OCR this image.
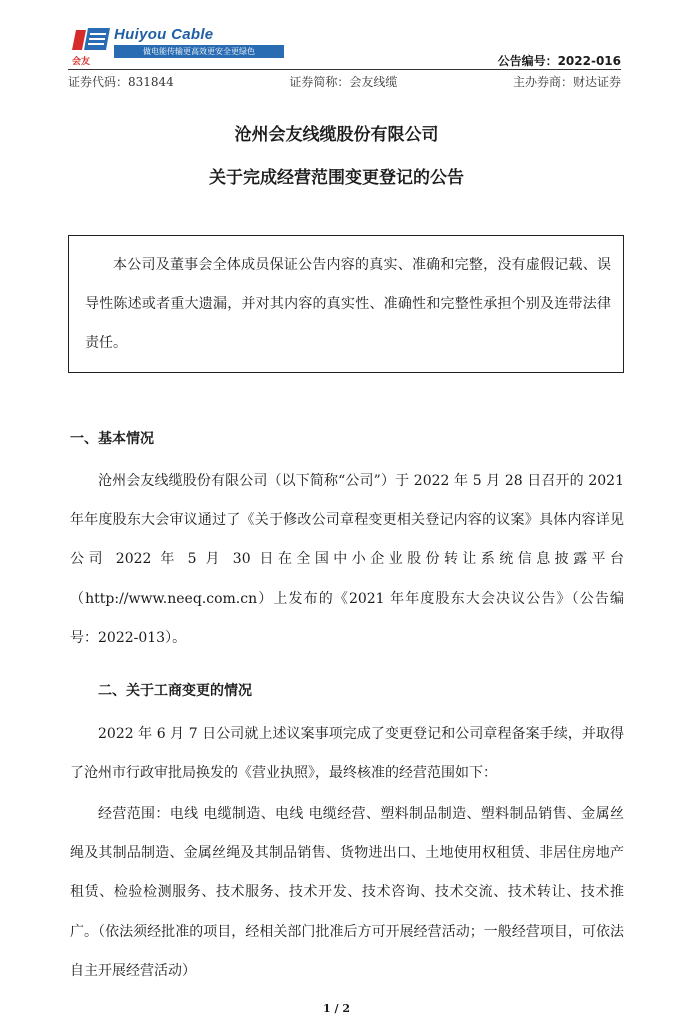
Huiyou Cable
做电能传输更高效更安全更绿色
会友	公告编号：2022-016
证券代码：831844	证券简称：会友线缆	主办券商：财达证券
沧州会友线缆股份有限公司
关于完成经营范围变更登记的公告

本公司及董事会全体成员保证公告内容的真实、准确和完整，没有虚假记载、误导性陈述或者重大遗漏，并对其内容的真实性、准确性和完整性承担个别及连带法律责任。

一、基本情况

沧州会友线缆股份有限公司（以下简称“公司”）于 2022 年 5 月 28 日召开的 2021 年年度股东大会审议通过了《关于修改公司章程变更相关登记内容的议案》具体内容详见公司 2022 年 5 月 30 日在全国中小企业股份转让系统信息披露平台（http://www.neeq.com.cn）上发布的《2021 年年度股东大会决议公告》（公告编号：2022-013）。

二、关于工商变更的情况

2022 年 6 月 7 日公司就上述议案事项完成了变更登记和公司章程备案手续，并取得了沧州市行政审批局换发的《营业执照》，最终核准的经营范围如下：

经营范围：电线 电缆制造、电线 电缆经营、塑料制品制造、塑料制品销售、金属丝绳及其制品制造、金属丝绳及其制品销售、货物进出口、土地使用权租赁、非居住房地产租赁、检验检测服务、技术服务、技术开发、技术咨询、技术交流、技术转让、技术推广。（依法须经批准的项目，经相关部门批准后方可开展经营活动；一般经营项目，可依法自主开展经营活动）

1 / 2
